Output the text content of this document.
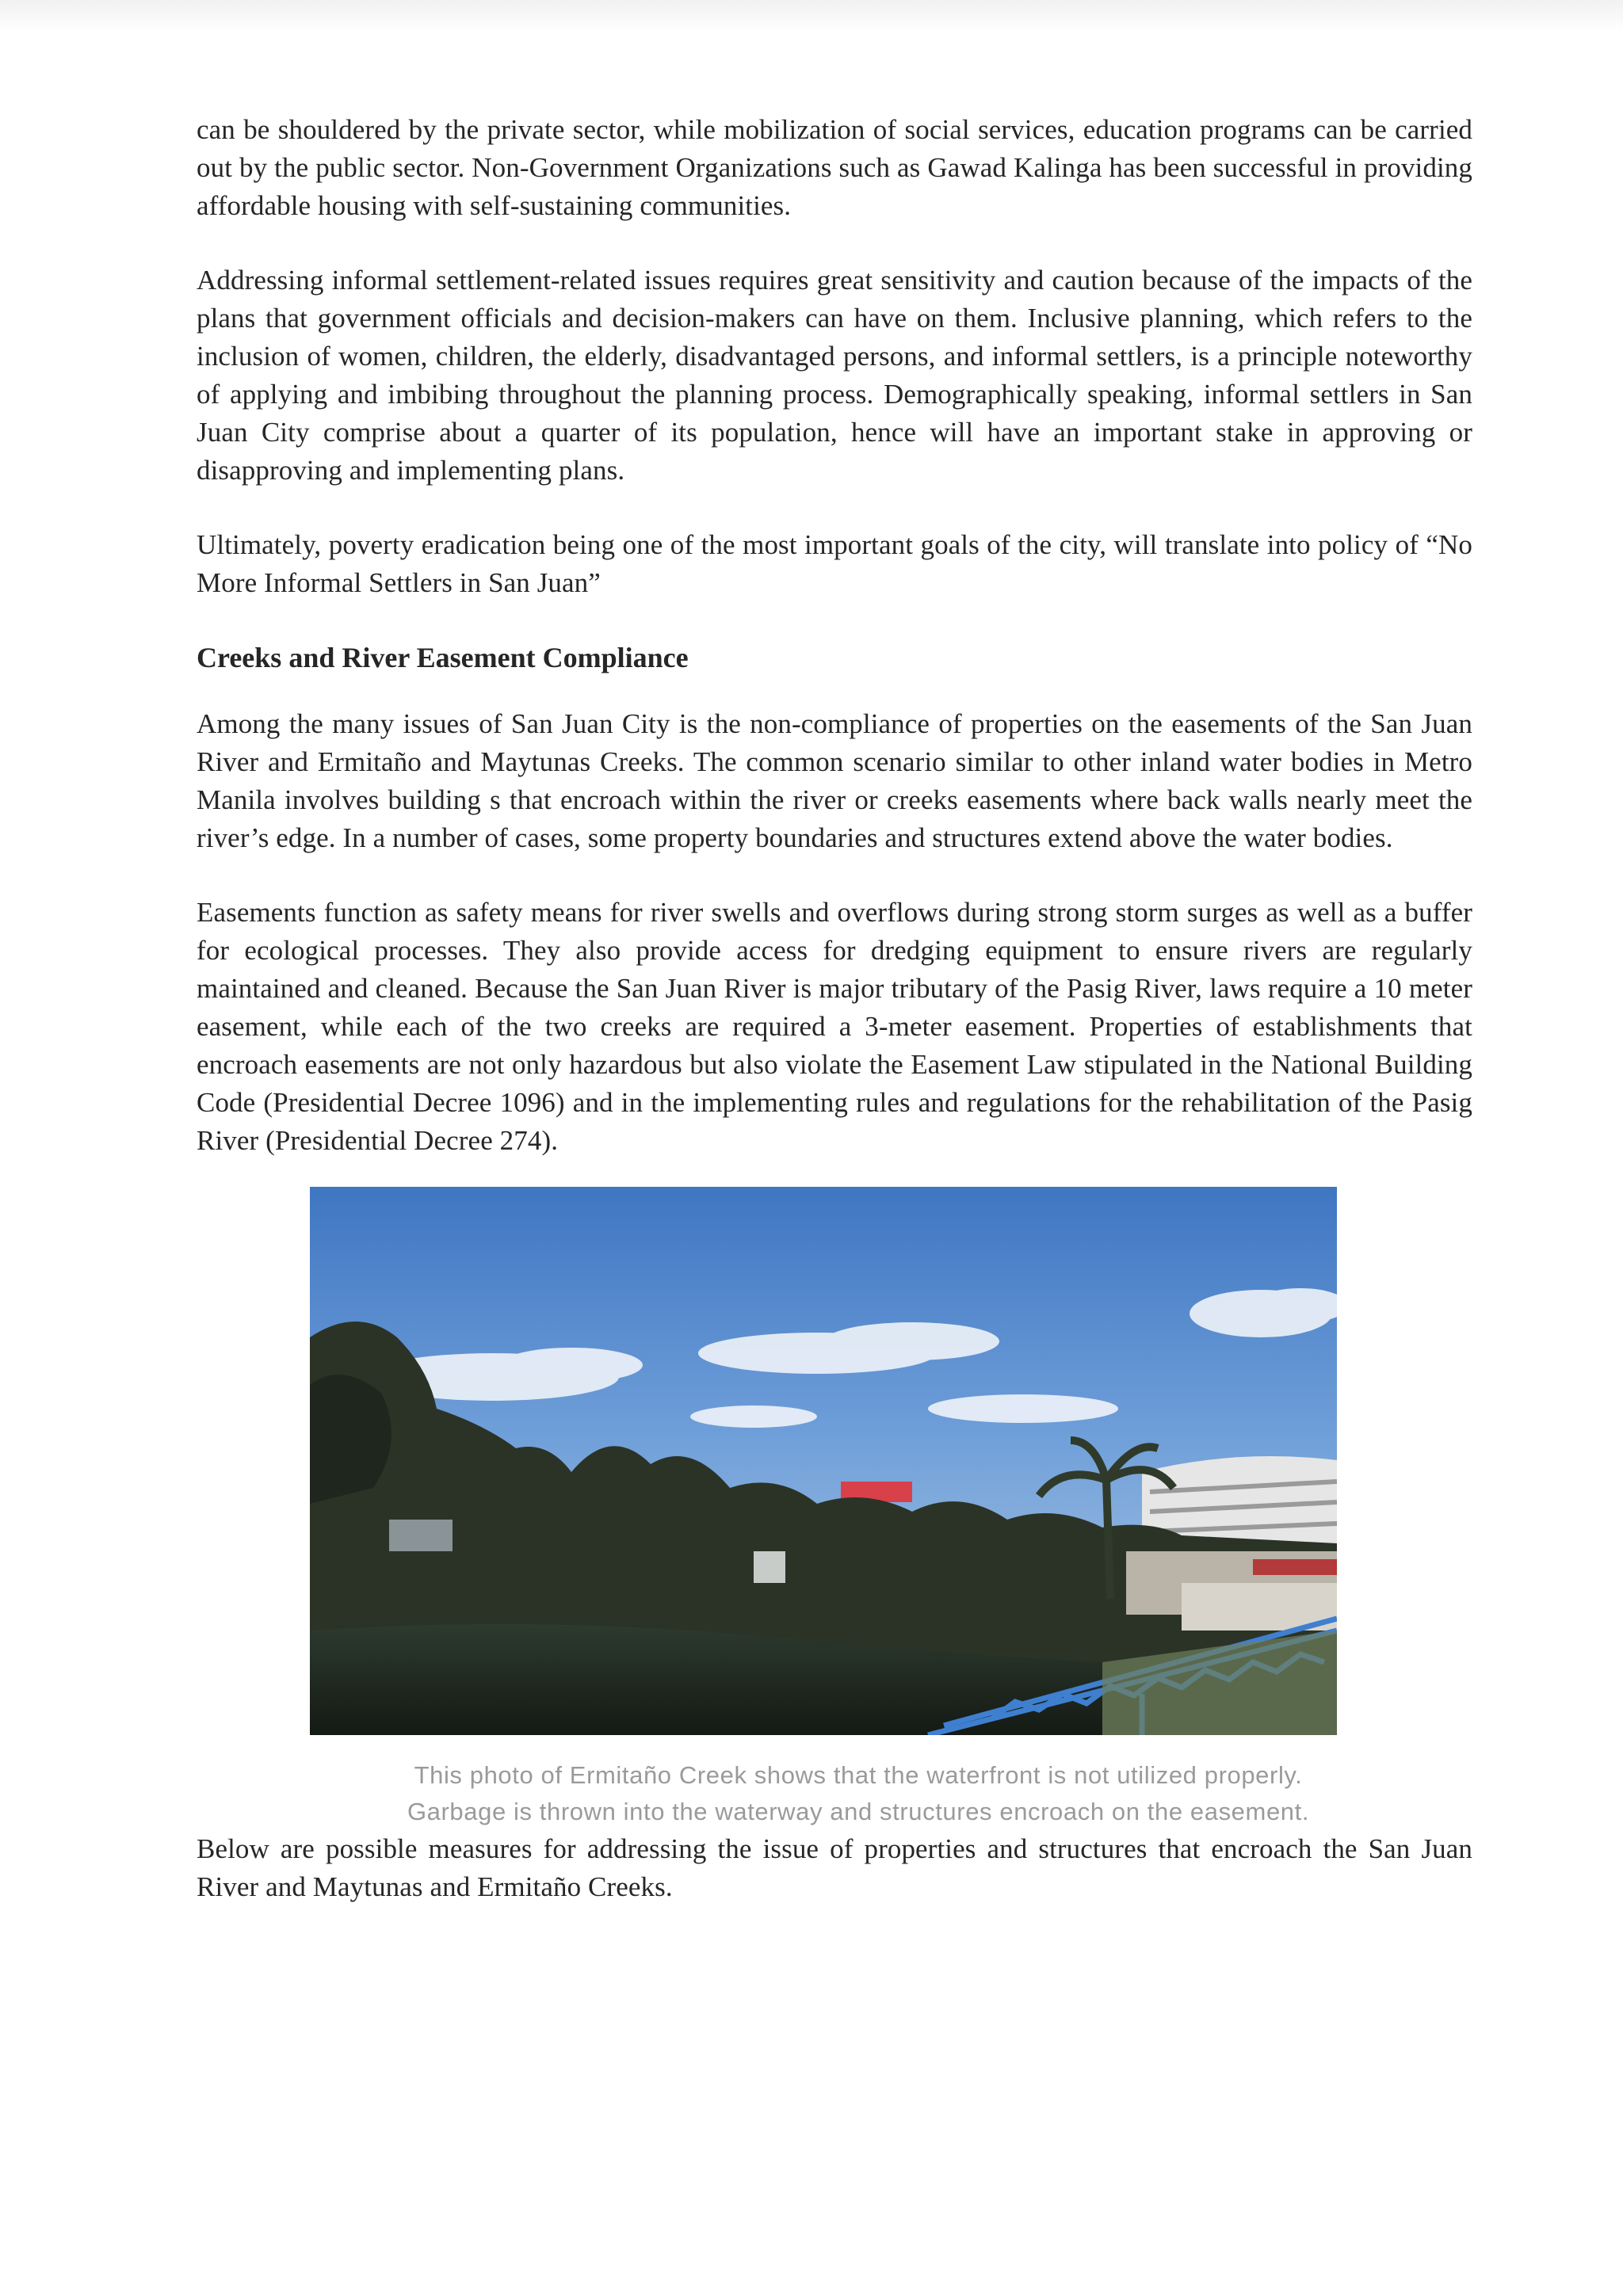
can be shouldered by the private sector, while mobilization of social services, education programs can be carried out by the public sector. Non-Government Organizations such as Gawad Kalinga has been successful in providing affordable housing with self-sustaining communities.

Addressing informal settlement-related issues requires great sensitivity and caution because of the impacts of the plans that government officials and decision-makers can have on them. Inclusive planning, which refers to the inclusion of women, children, the elderly, disadvantaged persons, and informal settlers, is a principle noteworthy of applying and imbibing throughout the planning process. Demographically speaking, informal settlers in San Juan City comprise about a quarter of its population, hence will have an important stake in approving or disapproving and implementing plans.

Ultimately, poverty eradication being one of the most important goals of the city, will translate into policy of “No More Informal Settlers in San Juan”

Creeks and River Easement Compliance

Among the many issues of San Juan City is the non-compliance of properties on the easements of the San Juan River and Ermitaño and Maytunas Creeks. The common scenario similar to other inland water bodies in Metro Manila involves building s that encroach within the river or creeks easements where back walls nearly meet the river’s edge. In a number of cases, some property boundaries and structures extend above the water bodies.

Easements function as safety means for river swells and overflows during strong storm surges as well as a buffer for ecological processes. They also provide access for dredging equipment to ensure rivers are regularly maintained and cleaned. Because the San Juan River is major tributary of the Pasig River, laws require a 10 meter easement, while each of the two creeks are required a 3-meter easement. Properties of establishments that encroach easements are not only hazardous but also violate the Easement Law stipulated in the National Building Code (Presidential Decree 1096) and in the implementing rules and regulations for the rehabilitation of the Pasig River (Presidential Decree 274).

This photo of Ermitaño Creek shows that the waterfront is not utilized properly.
Garbage is thrown into the waterway and structures encroach on the easement.

Below are possible measures for addressing the issue of properties and structures that encroach the San Juan River and Maytunas and Ermitaño Creeks.
